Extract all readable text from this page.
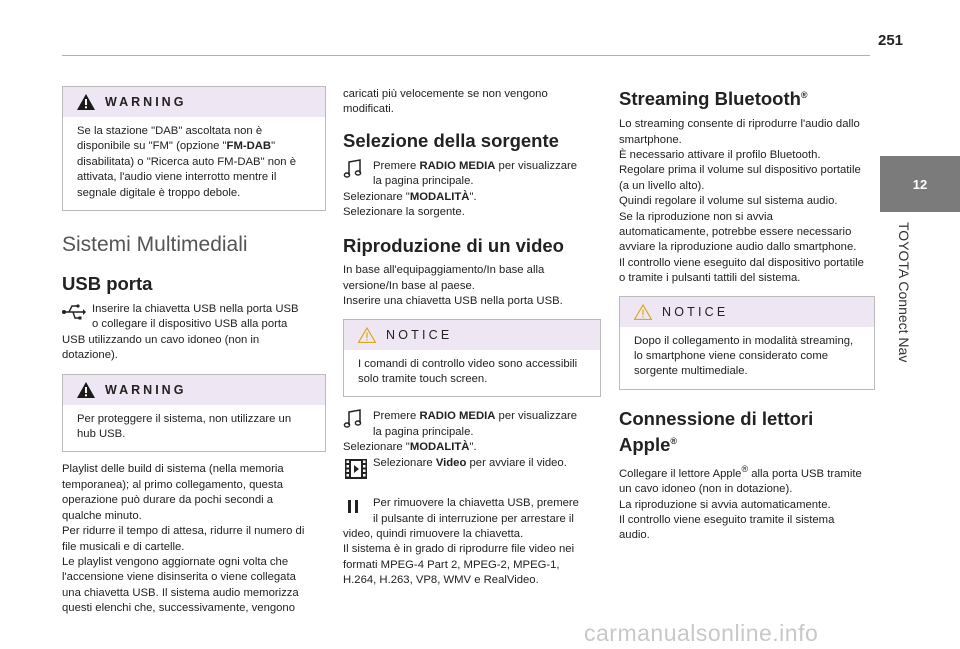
251
12
TOYOTA Connect Nav
WARNING

Se la stazione "DAB" ascoltata non è

disponibile su "FM" (opzione "FM-DAB"

disabilitata) o "Ricerca auto FM-DAB" non è

attivata, l'audio viene interrotto mentre il

segnale digitale è troppo debole.

Sistemi Multimediali
USB porta

Inserire la chiavetta USB nella porta USB

o collegare il dispositivo USB alla porta

USB utilizzando un cavo idoneo (non in

dotazione).

WARNING

Per proteggere il sistema, non utilizzare un

hub USB.

Playlist delle build di sistema (nella memoria

temporanea); al primo collegamento, questa

operazione può durare da pochi secondi a

qualche minuto.

Per ridurre il tempo di attesa, ridurre il numero di

file musicali e di cartelle.

Le playlist vengono aggiornate ogni volta che

l'accensione viene disinserita o viene collegata

una chiavetta USB. Il sistema audio memorizza

questi elenchi che, successivamente, vengono

caricati più velocemente se non vengono

modificati.

Selezione della sorgente

Premere RADIO MEDIA per visualizzare

la pagina principale.

Selezionare "MODALITÀ".

Selezionare la sorgente.

Riproduzione di un video

In base all'equipaggiamento/In base alla

versione/In base al paese.

Inserire una chiavetta USB nella porta USB.

NOTICE

I comandi di controllo video sono accessibili

solo tramite touch screen.

Premere RADIO MEDIA per visualizzare

la pagina principale.

Selezionare "MODALITÀ".

Selezionare Video per avviare il video.

Per rimuovere la chiavetta USB, premere

il pulsante di interruzione per arrestare il

video, quindi rimuovere la chiavetta.

Il sistema è in grado di riprodurre file video nei

formati MPEG-4 Part 2, MPEG-2, MPEG-1,

H.264, H.263, VP8, WMV e RealVideo.

Streaming Bluetooth®

Lo streaming consente di riprodurre l'audio dallo

smartphone.

È necessario attivare il profilo Bluetooth.

Regolare prima il volume sul dispositivo portatile

(a un livello alto).

Quindi regolare il volume sul sistema audio.

Se la riproduzione non si avvia

automaticamente, potrebbe essere necessario

avviare la riproduzione audio dallo smartphone.

Il controllo viene eseguito dal dispositivo portatile

o tramite i pulsanti tattili del sistema.

NOTICE

Dopo il collegamento in modalità streaming,

lo smartphone viene considerato come

sorgente multimediale.

Connessione di lettori
Apple®

Collegare il lettore Apple® alla porta USB tramite

un cavo idoneo (non in dotazione).

La riproduzione si avvia automaticamente.

Il controllo viene eseguito tramite il sistema

audio.

carmanualsonline.info
